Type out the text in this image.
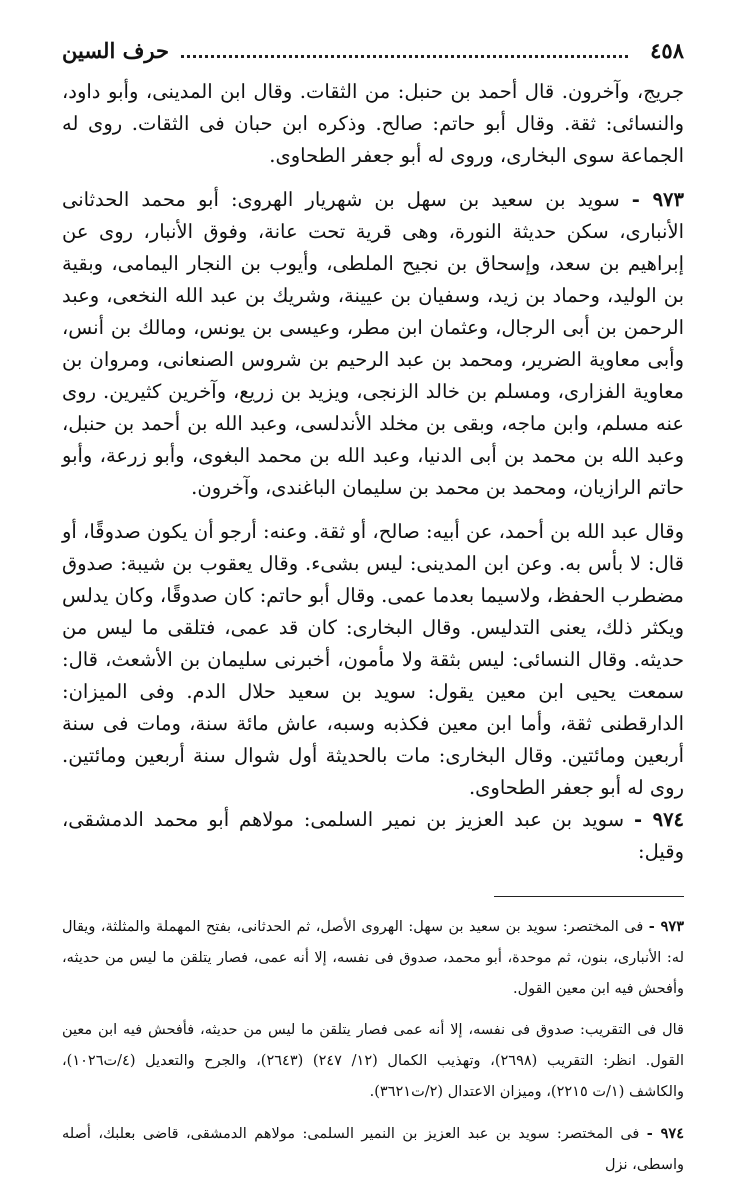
٤٥٨
حرف السين

جريج، وآخرون. قال أحمد بن حنبل: من الثقات. وقال ابن المدينى، وأبو داود، والنسائى: ثقة. وقال أبو حاتم: صالح. وذكره ابن حبان فى الثقات. روى له الجماعة سوى البخارى، وروى له أبو جعفر الطحاوى.

٩٧٣ - سويد بن سعيد بن سهل بن شهريار الهروى: أبو محمد الحدثانى الأنبارى، سكن حديثة النورة، وهى قرية تحت عانة، وفوق الأنبار، روى عن إبراهيم بن سعد، وإسحاق بن نجيح الملطى، وأيوب بن النجار اليمامى، وبقية بن الوليد، وحماد بن زيد، وسفيان بن عيينة، وشريك بن عبد الله النخعى، وعبد الرحمن بن أبى الرجال، وعثمان ابن مطر، وعيسى بن يونس، ومالك بن أنس، وأبى معاوية الضرير، ومحمد بن عبد الرحيم بن شروس الصنعانى، ومروان بن معاوية الفزارى، ومسلم بن خالد الزنجى، ويزيد بن زريع، وآخرين كثيرين. روى عنه مسلم، وابن ماجه، وبقى بن مخلد الأندلسى، وعبد الله بن أحمد بن حنبل، وعبد الله بن محمد بن أبى الدنيا، وعبد الله بن محمد البغوى، وأبو زرعة، وأبو حاتم الرازيان، ومحمد بن محمد بن سليمان الباغندى، وآخرون.

وقال عبد الله بن أحمد، عن أبيه: صالح، أو ثقة. وعنه: أرجو أن يكون صدوقًا، أو قال: لا بأس به. وعن ابن المدينى: ليس بشىء. وقال يعقوب بن شيبة: صدوق مضطرب الحفظ، ولاسيما بعدما عمى. وقال أبو حاتم: كان صدوقًا، وكان يدلس ويكثر ذلك، يعنى التدليس. وقال البخارى: كان قد عمى، فتلقى ما ليس من حديثه. وقال النسائى: ليس بثقة ولا مأمون، أخبرنى سليمان بن الأشعث، قال: سمعت يحيى ابن معين يقول: سويد بن سعيد حلال الدم. وفى الميزان: الدارقطنى ثقة، وأما ابن معين فكذبه وسبه، عاش مائة سنة، ومات فى سنة أربعين ومائتين. وقال البخارى: مات بالحديثة أول شوال سنة أربعين ومائتين. روى له أبو جعفر الطحاوى.

٩٧٤ - سويد بن عبد العزيز بن نمير السلمى: مولاهم أبو محمد الدمشقى، وقيل:

٩٧٣ - فى المختصر: سويد بن سعيد بن سهل: الهروى الأصل، ثم الحدثانى، بفتح المهملة والمثلثة، ويقال له: الأنبارى، بنون، ثم موحدة، أبو محمد، صدوق فى نفسه، إلا أنه عمى، فصار يتلقن ما ليس من حديثه، وأفحش فيه ابن معين القول.

قال فى التقريب: صدوق فى نفسه، إلا أنه عمى فصار يتلقن ما ليس من حديثه، فأفحش فيه ابن معين القول. انظر: التقريب (٢٦٩٨)، وتهذيب الكمال (١٢/ ٢٤٧) (٢٦٤٣)، والجرح والتعديل (٤/ت١٠٢٦)، والكاشف (١/ت ٢٢١٥)، وميزان الاعتدال (٢/ت٣٦٢١).

٩٧٤ - فى المختصر: سويد بن عبد العزيز بن النمير السلمى: مولاهم الدمشقى، قاضى بعلبك، أصله واسطى، نزل
